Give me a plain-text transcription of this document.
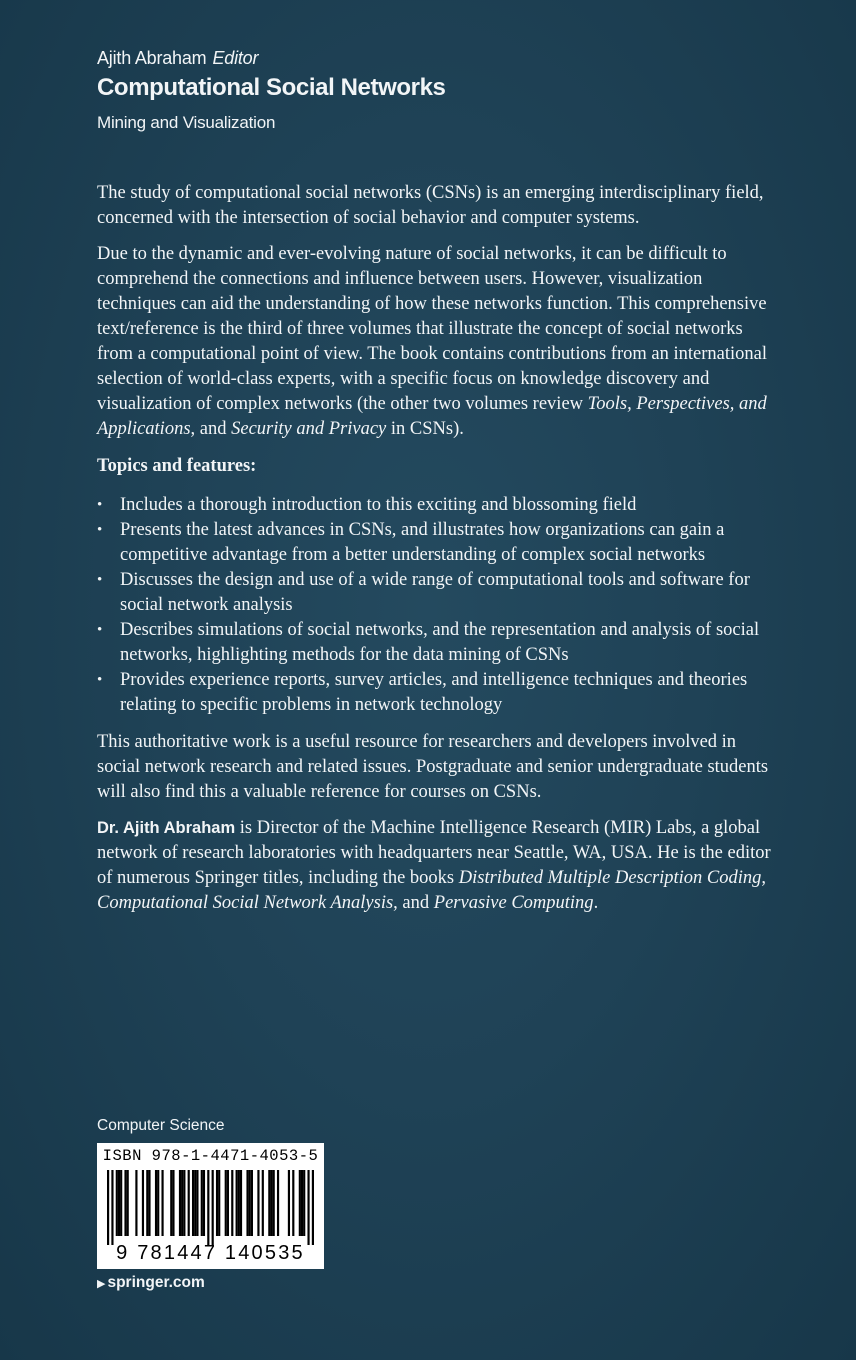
Ajith Abraham Editor
Computational Social Networks
Mining and Visualization

The study of computational social networks (CSNs) is an emerging interdisciplinary field, concerned with the intersection of social behavior and computer systems.

Due to the dynamic and ever-evolving nature of social networks, it can be difficult to comprehend the connections and influence between users. However, visualization techniques can aid the understanding of how these networks function. This comprehensive text/reference is the third of three volumes that illustrate the concept of social networks from a computational point of view. The book contains contributions from an international selection of world-class experts, with a specific focus on knowledge discovery and visualization of complex networks (the other two volumes review Tools, Perspectives, and Applications, and Security and Privacy in CSNs).

Topics and features:
• Includes a thorough introduction to this exciting and blossoming field
• Presents the latest advances in CSNs, and illustrates how organizations can gain a competitive advantage from a better understanding of complex social networks
• Discusses the design and use of a wide range of computational tools and software for social network analysis
• Describes simulations of social networks, and the representation and analysis of social networks, highlighting methods for the data mining of CSNs
• Provides experience reports, survey articles, and intelligence techniques and theories relating to specific problems in network technology

This authoritative work is a useful resource for researchers and developers involved in social network research and related issues. Postgraduate and senior undergraduate students will also find this a valuable reference for courses on CSNs.

Dr. Ajith Abraham is Director of the Machine Intelligence Research (MIR) Labs, a global network of research laboratories with headquarters near Seattle, WA, USA. He is the editor of numerous Springer titles, including the books Distributed Multiple Description Coding, Computational Social Network Analysis, and Pervasive Computing.

Computer Science
ISBN 978-1-4471-4053-5
9 781447 140535
▶ springer.com
